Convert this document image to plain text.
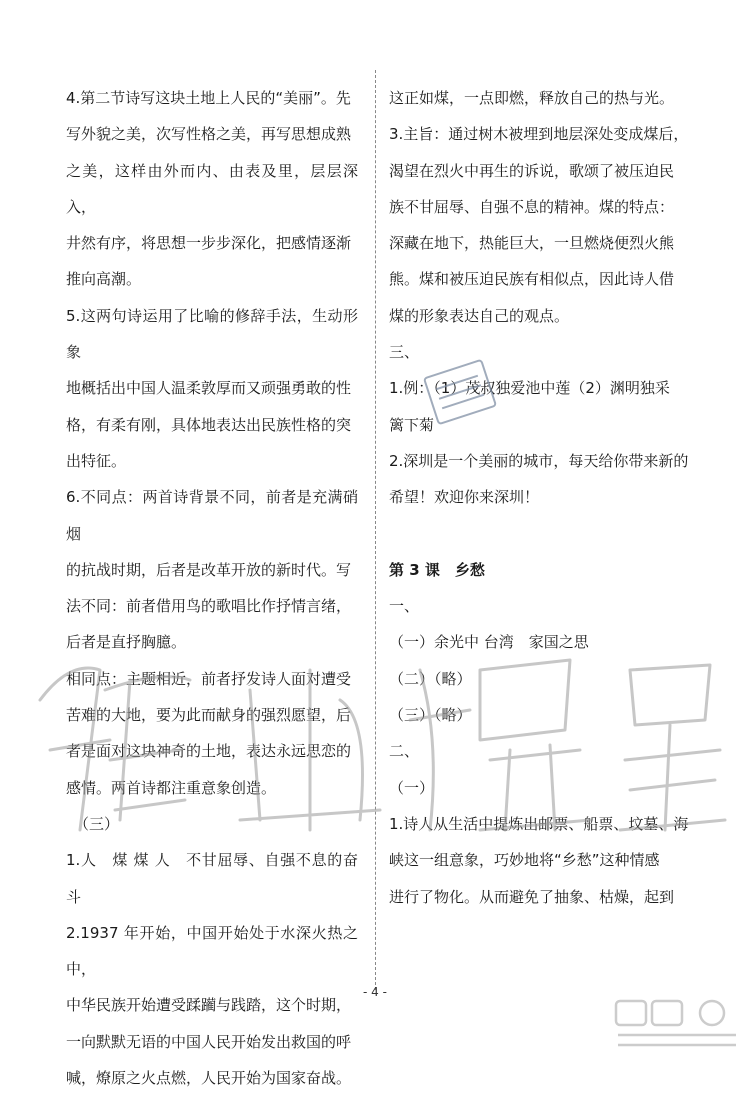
4.第二节诗写这块土地上人民的“美丽”。先

写外貌之美，次写性格之美，再写思想成熟

之美，这样由外而内、由表及里，层层深入，

井然有序，将思想一步步深化，把感情逐渐

推向高潮。

5.这两句诗运用了比喻的修辞手法，生动形象

地概括出中国人温柔敦厚而又顽强勇敢的性

格，有柔有刚，具体地表达出民族性格的突

出特征。

6.不同点：两首诗背景不同，前者是充满硝烟

的抗战时期，后者是改革开放的新时代。写

法不同：前者借用鸟的歌唱比作抒情言绪，

后者是直抒胸臆。

相同点：主题相近，前者抒发诗人面对遭受

苦难的大地，要为此而献身的强烈愿望，后

者是面对这块神奇的土地，表达永远思恋的

感情。两首诗都注重意象创造。

（三）

1.人　煤 煤 人　不甘屈辱、自强不息的奋斗

2.1937 年开始，中国开始处于水深火热之中，

中华民族开始遭受蹂躏与践踏，这个时期，

一向默默无语的中国人民开始发出救国的呼

喊，燎原之火点燃，人民开始为国家奋战。

这正如煤，一点即燃，释放自己的热与光。

3.主旨：通过树木被埋到地层深处变成煤后，

渴望在烈火中再生的诉说，歌颂了被压迫民

族不甘屈辱、自强不息的精神。煤的特点：

深藏在地下，热能巨大，一旦燃烧便烈火熊

熊。煤和被压迫民族有相似点，因此诗人借

煤的形象表达自己的观点。

三、

1.例：（1）茂叔独爱池中莲（2）渊明独采

篱下菊

2.深圳是一个美丽的城市，每天给你带来新的

希望！欢迎你来深圳！

第 3 课　乡愁

一、

（一）余光中 台湾　家国之思

（二）（略）

（三）（略）

二、

（一）

1.诗人从生活中提炼出邮票、船票、坟墓、海

峡这一组意象，巧妙地将“乡愁”这种情感

进行了物化。从而避免了抽象、枯燥，起到

- 4 -
